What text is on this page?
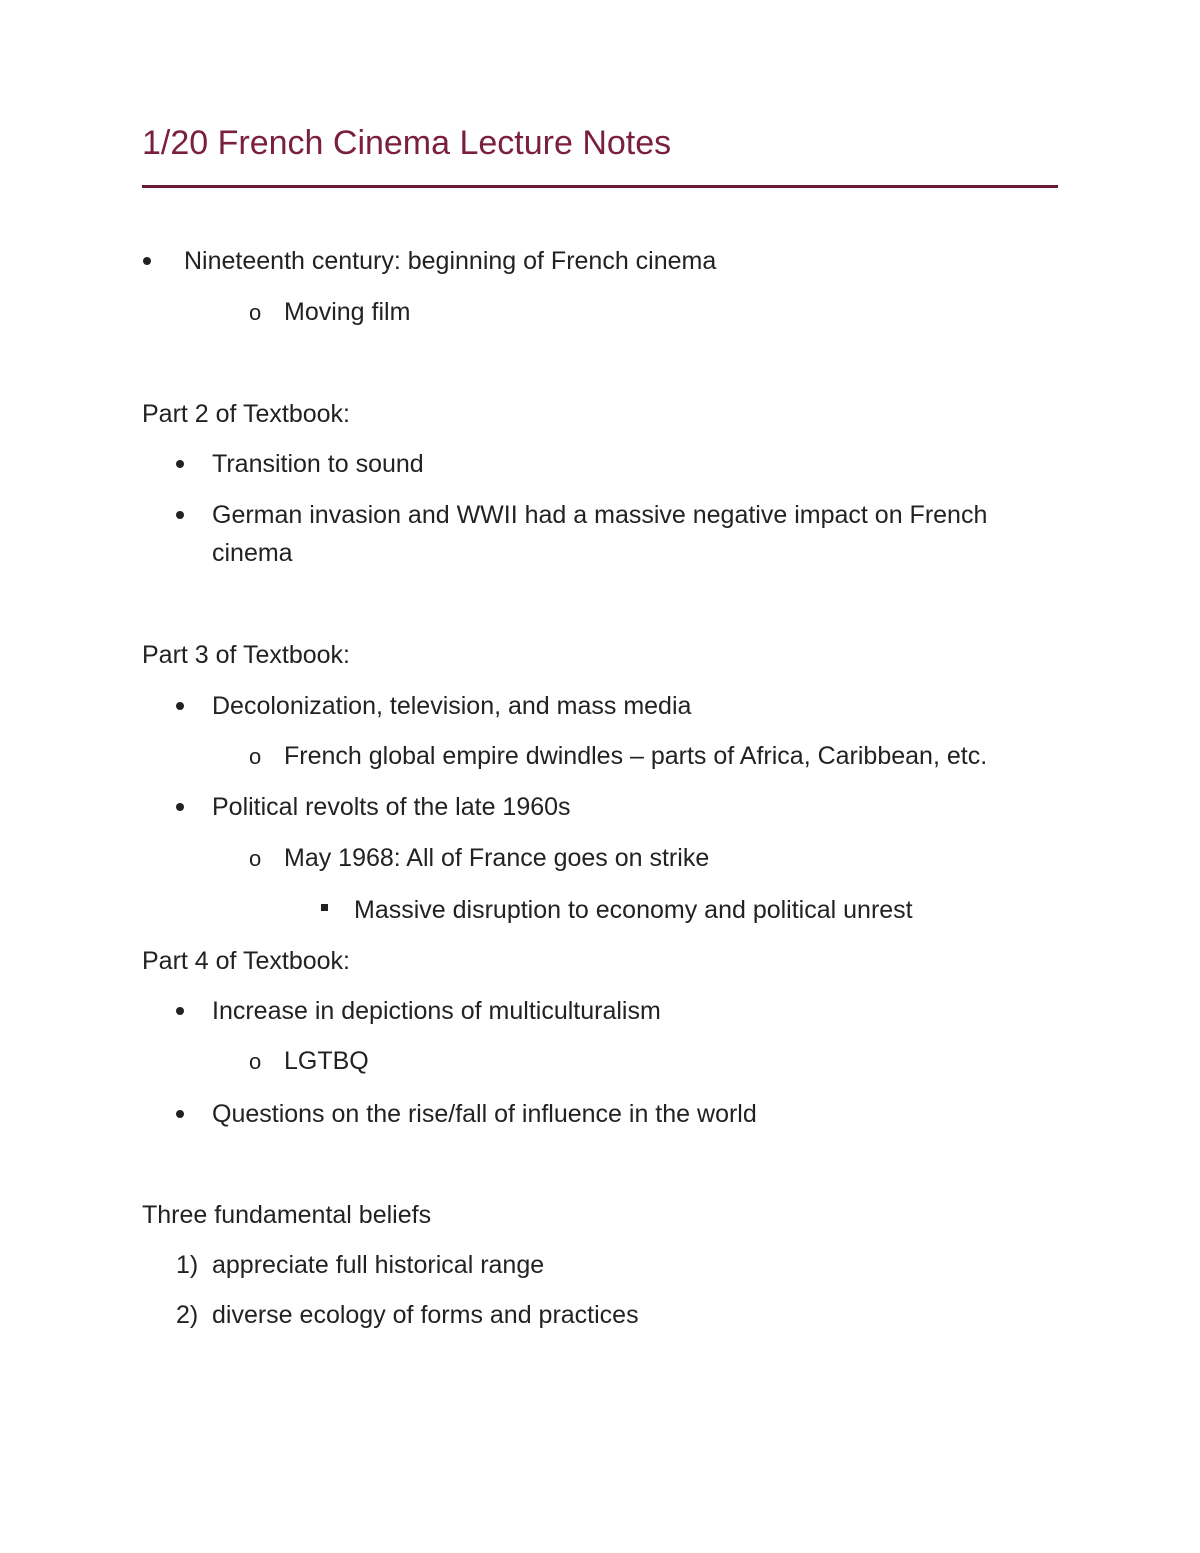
1/20 French Cinema Lecture Notes
Nineteenth century: beginning of French cinema
o Moving film
Part 2 of Textbook:
Transition to sound
German invasion and WWII had a massive negative impact on French
cinema
Part 3 of Textbook:
Decolonization, television, and mass media
o French global empire dwindles – parts of Africa, Caribbean, etc.
Political revolts of the late 1960s
o May 1968: All of France goes on strike
Massive disruption to economy and political unrest
Part 4 of Textbook:
Increase in depictions of multiculturalism
o LGTBQ
Questions on the rise/fall of influence in the world
Three fundamental beliefs
1) appreciate full historical range
2) diverse ecology of forms and practices
